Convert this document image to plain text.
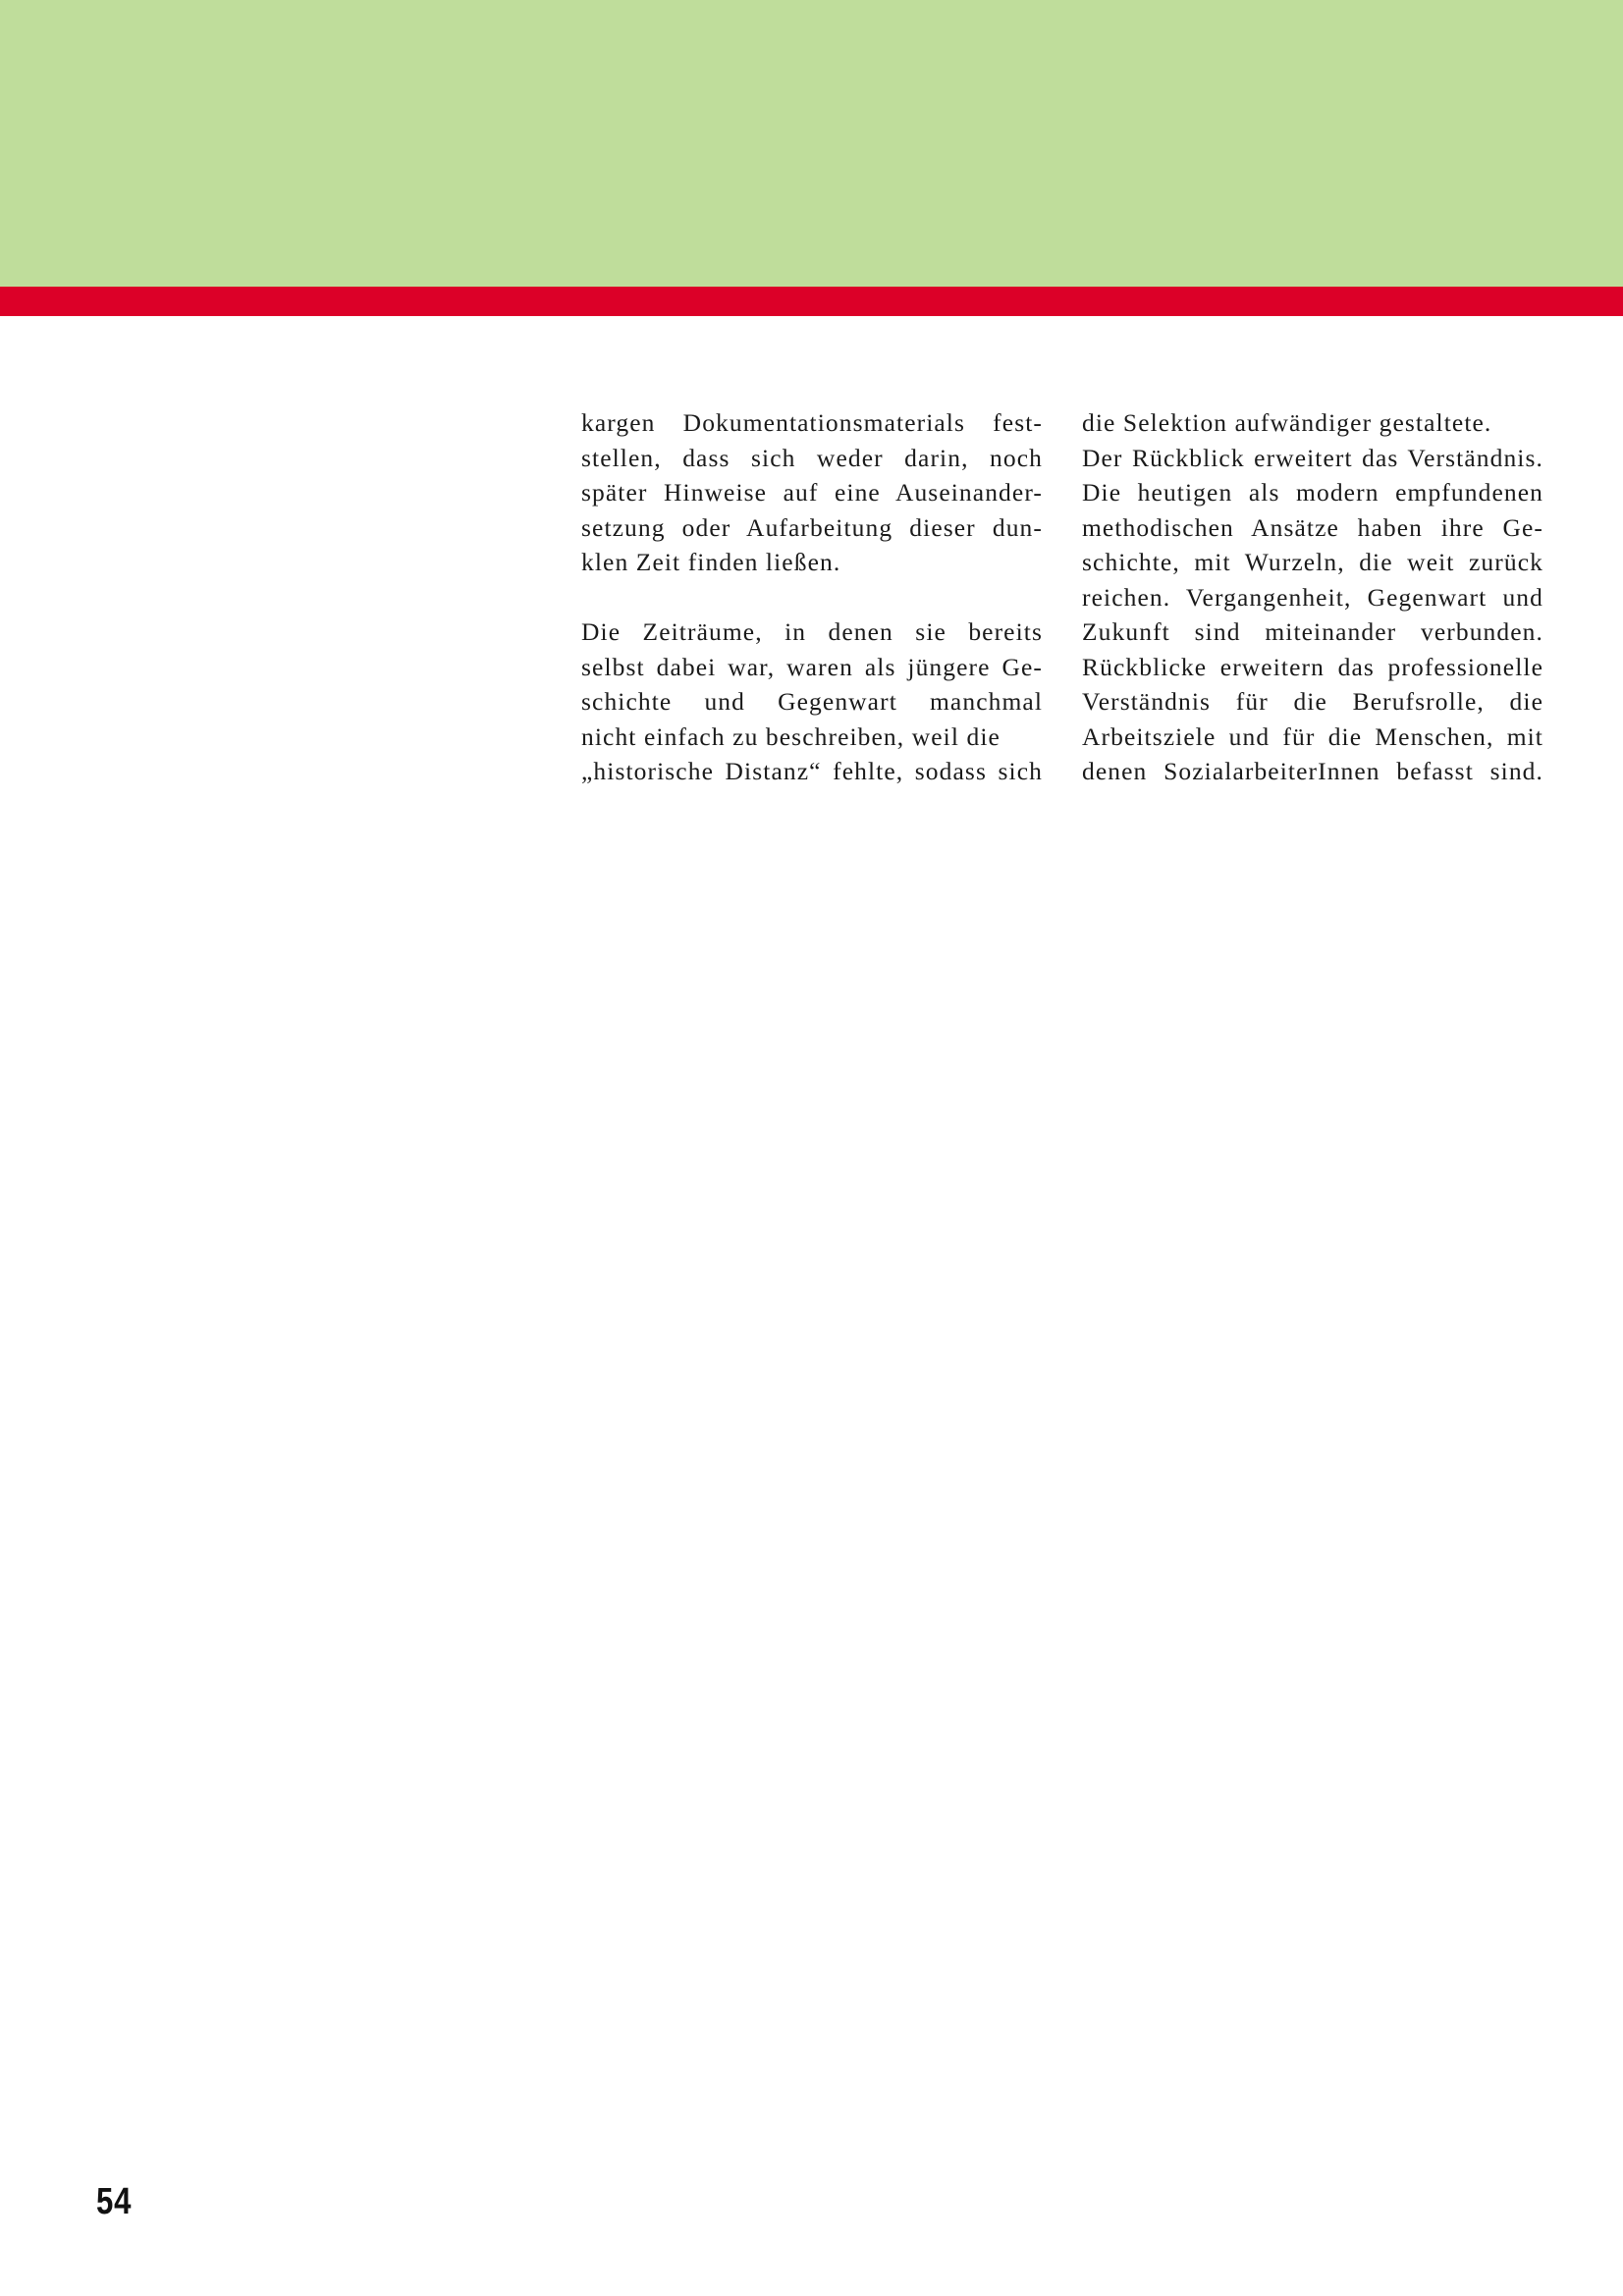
kargen Dokumentationsmaterials fest-
stellen, dass sich weder darin, noch
später Hinweise auf eine Auseinander-
setzung oder Aufarbeitung dieser dun-
klen Zeit finden ließen.
Die Zeiträume, in denen sie bereits
selbst dabei war, waren als jüngere Ge-
schichte und Gegenwart manchmal
nicht einfach zu beschreiben, weil die
„historische Distanz“ fehlte, sodass sich
die Selektion aufwändiger gestaltete.
Der Rückblick erweitert das Verständnis.
Die heutigen als modern empfundenen
methodischen Ansätze haben ihre Ge-
schichte, mit Wurzeln, die weit zurück
reichen. Vergangenheit, Gegenwart und
Zukunft sind miteinander verbunden.
Rückblicke erweitern das professionelle
Verständnis für die Berufsrolle, die
Arbeitsziele und für die Menschen, mit
denen SozialarbeiterInnen befasst sind.
54
